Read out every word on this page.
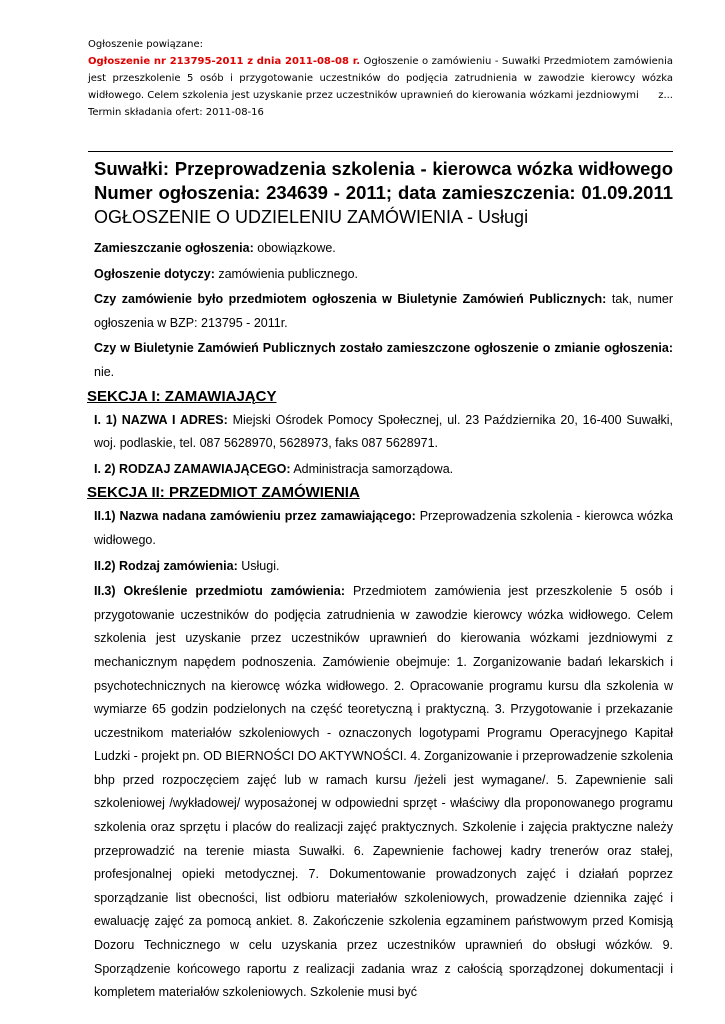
Ogłoszenie powiązane:
Ogłoszenie nr 213795-2011 z dnia 2011-08-08 r. Ogłoszenie o zamówieniu - Suwałki Przedmiotem zamówienia jest przeszkolenie 5 osób i przygotowanie uczestników do podjęcia zatrudnienia w zawodzie kierowcy wózka widłowego. Celem szkolenia jest uzyskanie przez uczestników uprawnień do kierowania wózkami jezdniowymi	z...
Termin składania ofert: 2011-08-16
Suwałki: Przeprowadzenia szkolenia - kierowca wózka widłowego
Numer ogłoszenia: 234639 - 2011; data zamieszczenia: 01.09.2011
OGŁOSZENIE O UDZIELENIU ZAMÓWIENIA - Usługi

Zamieszczanie ogłoszenia: obowiązkowe.

Ogłoszenie dotyczy: zamówienia publicznego.

Czy zamówienie było przedmiotem ogłoszenia w Biuletynie Zamówień Publicznych: tak, numer ogłoszenia w BZP: 213795 - 2011r.

Czy w Biuletynie Zamówień Publicznych zostało zamieszczone ogłoszenie o zmianie ogłoszenia: nie.

SEKCJA I: ZAMAWIAJĄCY

I. 1) NAZWA I ADRES: Miejski Ośrodek Pomocy Społecznej, ul. 23 Października 20, 16-400 Suwałki, woj. podlaskie, tel. 087 5628970, 5628973, faks 087 5628971.

I. 2) RODZAJ ZAMAWIAJĄCEGO: Administracja samorządowa.

SEKCJA II: PRZEDMIOT ZAMÓWIENIA

II.1) Nazwa nadana zamówieniu przez zamawiającego: Przeprowadzenia szkolenia - kierowca wózka widłowego.

II.2) Rodzaj zamówienia: Usługi.

II.3) Określenie przedmiotu zamówienia: Przedmiotem zamówienia jest przeszkolenie 5 osób i przygotowanie uczestników do podjęcia zatrudnienia w zawodzie kierowcy wózka widłowego. Celem szkolenia jest uzyskanie przez uczestników uprawnień do kierowania wózkami jezdniowymi z mechanicznym napędem podnoszenia. Zamówienie obejmuje: 1. Zorganizowanie badań lekarskich i psychotechnicznych na kierowcę wózka widłowego. 2. Opracowanie programu kursu dla szkolenia w wymiarze 65 godzin podzielonych na część teoretyczną i praktyczną. 3. Przygotowanie i przekazanie uczestnikom materiałów szkoleniowych - oznaczonych logotypami Programu Operacyjnego Kapitał Ludzki - projekt pn. OD BIERNOŚCI DO AKTYWNOŚCI. 4. Zorganizowanie i przeprowadzenie szkolenia bhp przed rozpoczęciem zajęć lub w ramach kursu /jeżeli jest wymagane/. 5. Zapewnienie sali szkoleniowej /wykładowej/ wyposażonej w odpowiedni sprzęt - właściwy dla proponowanego programu szkolenia oraz sprzętu i placów do realizacji zajęć praktycznych. Szkolenie i zajęcia praktyczne należy przeprowadzić na terenie miasta Suwałki. 6. Zapewnienie fachowej kadry trenerów oraz stałej, profesjonalnej opieki metodycznej. 7. Dokumentowanie prowadzonych zajęć i działań poprzez sporządzanie list obecności, list odbioru materiałów szkoleniowych, prowadzenie dziennika zajęć i ewaluację zajęć za pomocą ankiet. 8. Zakończenie szkolenia egzaminem państwowym przed Komisją Dozoru Technicznego w celu uzyskania przez uczestników uprawnień do obsługi wózków. 9. Sporządzenie końcowego raportu z realizacji zadania wraz z całością sporządzonej dokumentacji i kompletem materiałów szkoleniowych. Szkolenie musi być
